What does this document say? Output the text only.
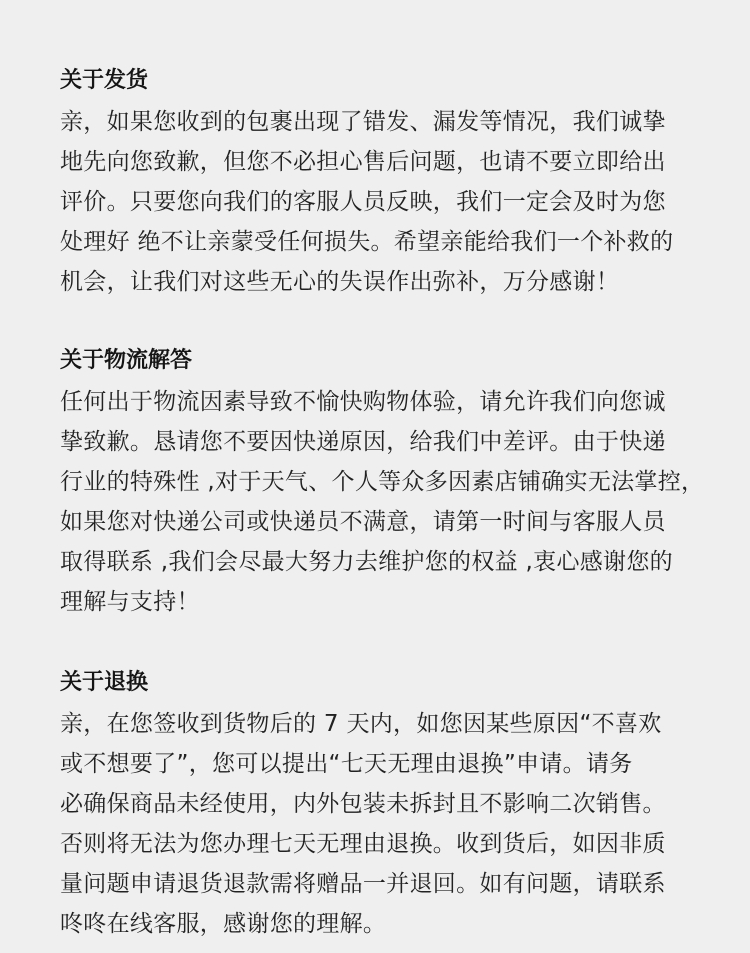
关于发货
亲，如果您收到的包裹出现了错发、漏发等情况，我们诚挚
地先向您致歉，但您不必担心售后问题，也请不要立即给出
评价。只要您向我们的客服人员反映，我们一定会及时为您
处理好 绝不让亲蒙受任何损失。希望亲能给我们一个补救的
机会，让我们对这些无心的失误作出弥补，万分感谢！
关于物流解答
任何出于物流因素导致不愉快购物体验，请允许我们向您诚
挚致歉。恳请您不要因快递原因，给我们中差评。由于快递
行业的特殊性 ,对于天气、个人等众多因素店铺确实无法掌控，
如果您对快递公司或快递员不满意，请第一时间与客服人员
取得联系 ,我们会尽最大努力去维护您的权益 ,衷心感谢您的
理解与支持！
关于退换
亲，在您签收到货物后的 7 天内，如您因某些原因“不喜欢
或不想要了”，您可以提出“七天无理由退换”申请。请务
必确保商品未经使用，内外包装未拆封且不影响二次销售。
否则将无法为您办理七天无理由退换。收到货后，如因非质
量问题申请退货退款需将赠品一并退回。如有问题，请联系
咚咚在线客服，感谢您的理解。
